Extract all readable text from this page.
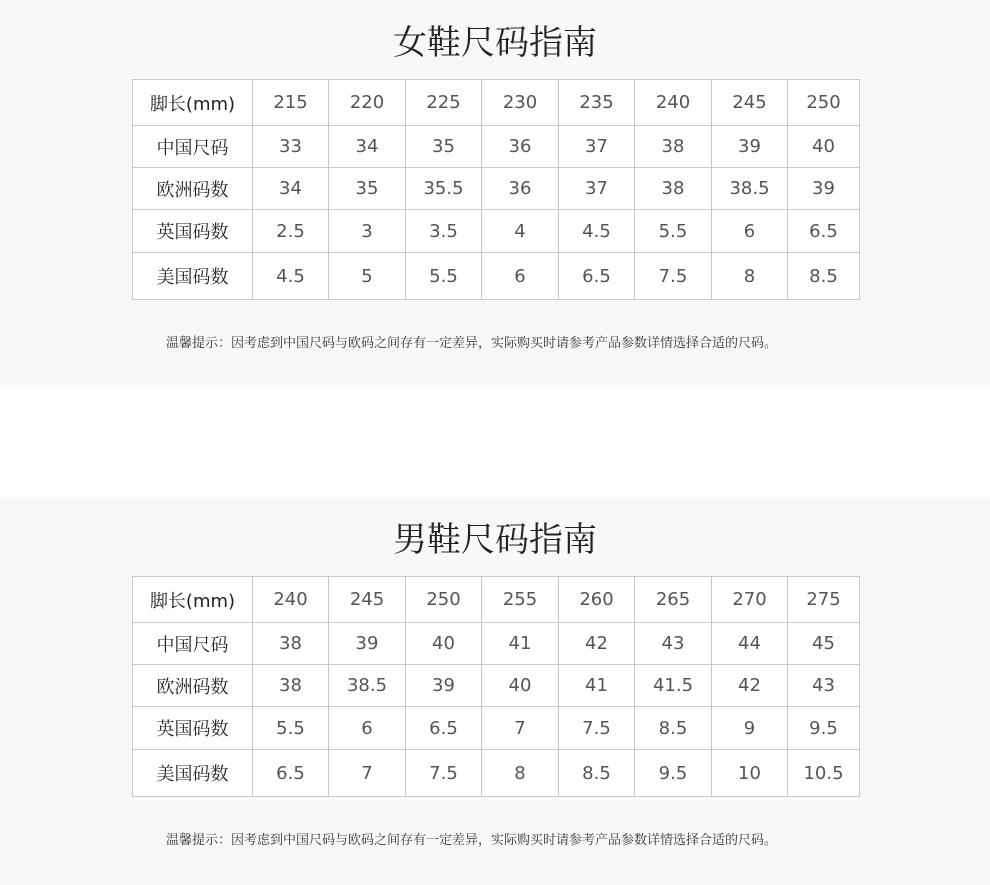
女鞋尺码指南
脚长(mm)	215	220	225	230	235	240	245	250
中国尺码	33	34	35	36	37	38	39	40
欧洲码数	34	35	35.5	36	37	38	38.5	39
英国码数	2.5	3	3.5	4	4.5	5.5	6	6.5
美国码数	4.5	5	5.5	6	6.5	7.5	8	8.5
温馨提示：因考虑到中国尺码与欧码之间存有一定差异，实际购买时请参考产品参数详情选择合适的尺码。
男鞋尺码指南
脚长(mm)	240	245	250	255	260	265	270	275
中国尺码	38	39	40	41	42	43	44	45
欧洲码数	38	38.5	39	40	41	41.5	42	43
英国码数	5.5	6	6.5	7	7.5	8.5	9	9.5
美国码数	6.5	7	7.5	8	8.5	9.5	10	10.5
温馨提示：因考虑到中国尺码与欧码之间存有一定差异，实际购买时请参考产品参数详情选择合适的尺码。
